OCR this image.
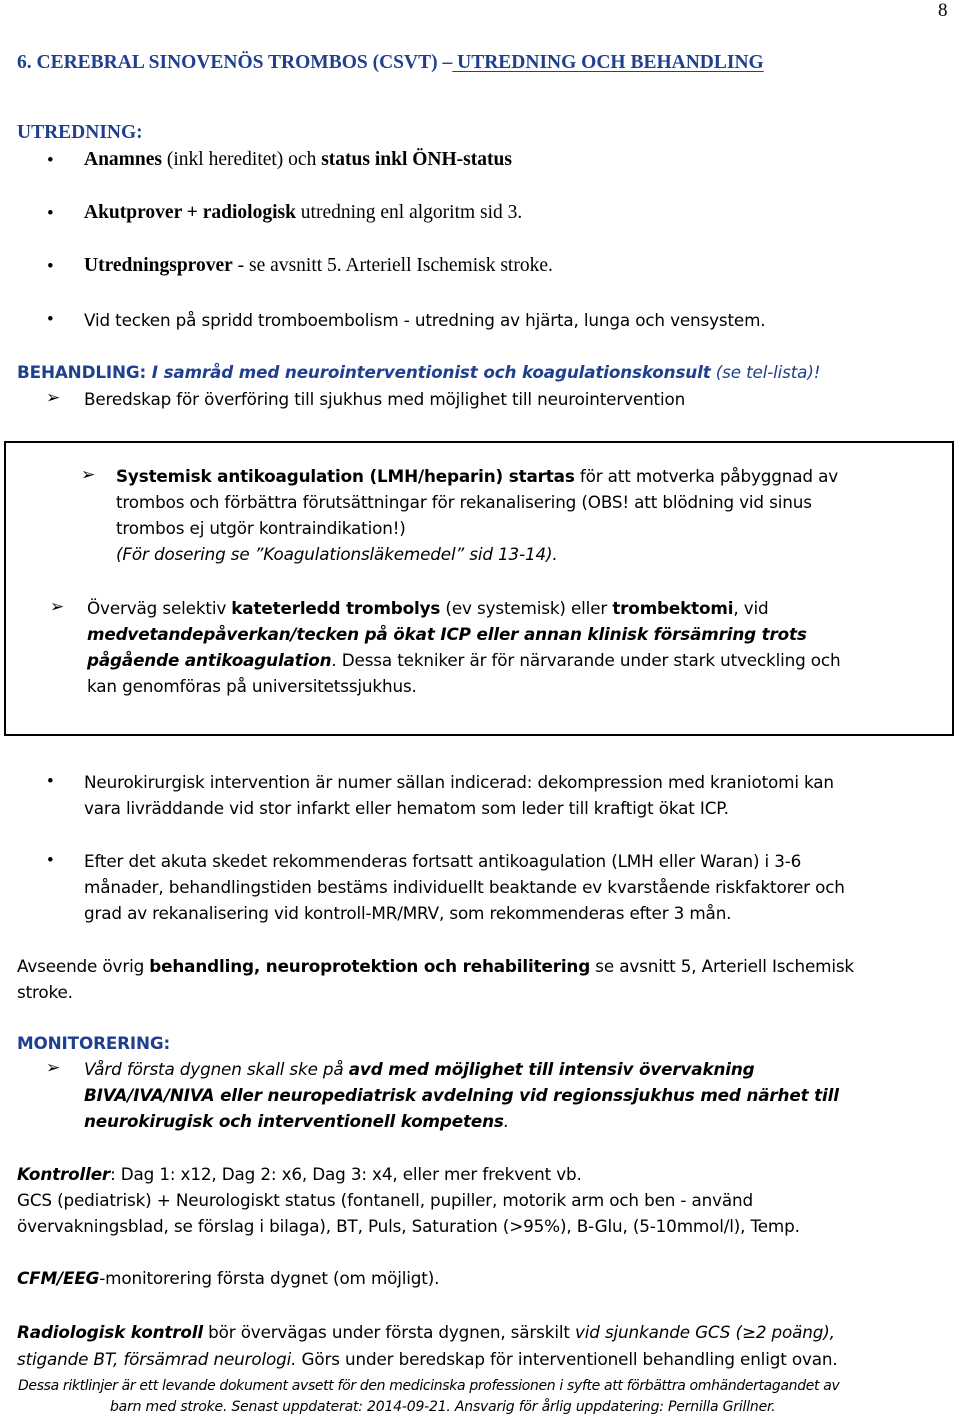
8
6. CEREBRAL SINOVENÖS TROMBOS (CSVT) – UTREDNING OCH BEHANDLING
UTREDNING:
• Anamnes (inkl hereditet) och status inkl ÖNH-status
• Akutprover + radiologisk utredning enl algoritm sid 3.
• Utredningsprover - se avsnitt 5. Arteriell Ischemisk stroke.
• Vid tecken på spridd tromboembolism - utredning av hjärta, lunga och vensystem.
BEHANDLING: I samråd med neurointerventionist och koagulationskonsult (se tel-lista)!
➢ Beredskap för överföring till sjukhus med möjlighet till neurointervention
➢ Systemisk antikoagulation (LMH/heparin) startas för att motverka påbyggnad av
trombos och förbättra förutsättningar för rekanalisering (OBS! att blödning vid sinus
trombos ej utgör kontraindikation!)
(För dosering se ”Koagulationsläkemedel” sid 13-14).
➢ Överväg selektiv kateterledd trombolys (ev systemisk) eller trombektomi, vid
medvetandepåverkan/tecken på ökat ICP eller annan klinisk försämring trots
pågående antikoagulation. Dessa tekniker är för närvarande under stark utveckling och
kan genomföras på universitetssjukhus.
• Neurokirurgisk intervention är numer sällan indicerad: dekompression med kraniotomi kan
vara livräddande vid stor infarkt eller hematom som leder till kraftigt ökat ICP.
• Efter det akuta skedet rekommenderas fortsatt antikoagulation (LMH eller Waran) i 3-6
månader, behandlingstiden bestäms individuellt beaktande ev kvarstående riskfaktorer och
grad av rekanalisering vid kontroll-MR/MRV, som rekommenderas efter 3 mån.
Avseende övrig behandling, neuroprotektion och rehabilitering se avsnitt 5, Arteriell Ischemisk
stroke.
MONITORERING:
➢ Vård första dygnen skall ske på avd med möjlighet till intensiv övervakning
BIVA/IVA/NIVA eller neuropediatrisk avdelning vid regionssjukhus med närhet till
neurokirugisk och interventionell kompetens.
Kontroller: Dag 1: x12, Dag 2: x6, Dag 3: x4, eller mer frekvent vb.
GCS (pediatrisk) + Neurologiskt status (fontanell, pupiller, motorik arm och ben - använd
övervakningsblad, se förslag i bilaga), BT, Puls, Saturation (>95%), B-Glu, (5-10mmol/l), Temp.
CFM/EEG-monitorering första dygnet (om möjligt).
Radiologisk kontroll bör övervägas under första dygnen, särskilt vid sjunkande GCS (≥2 poäng),
stigande BT, försämrad neurologi. Görs under beredskap för interventionell behandling enligt ovan.
Dessa riktlinjer är ett levande dokument avsett för den medicinska professionen i syfte att förbättra omhändertagandet av
barn med stroke. Senast uppdaterat: 2014-09-21. Ansvarig för årlig uppdatering: Pernilla Grillner.
